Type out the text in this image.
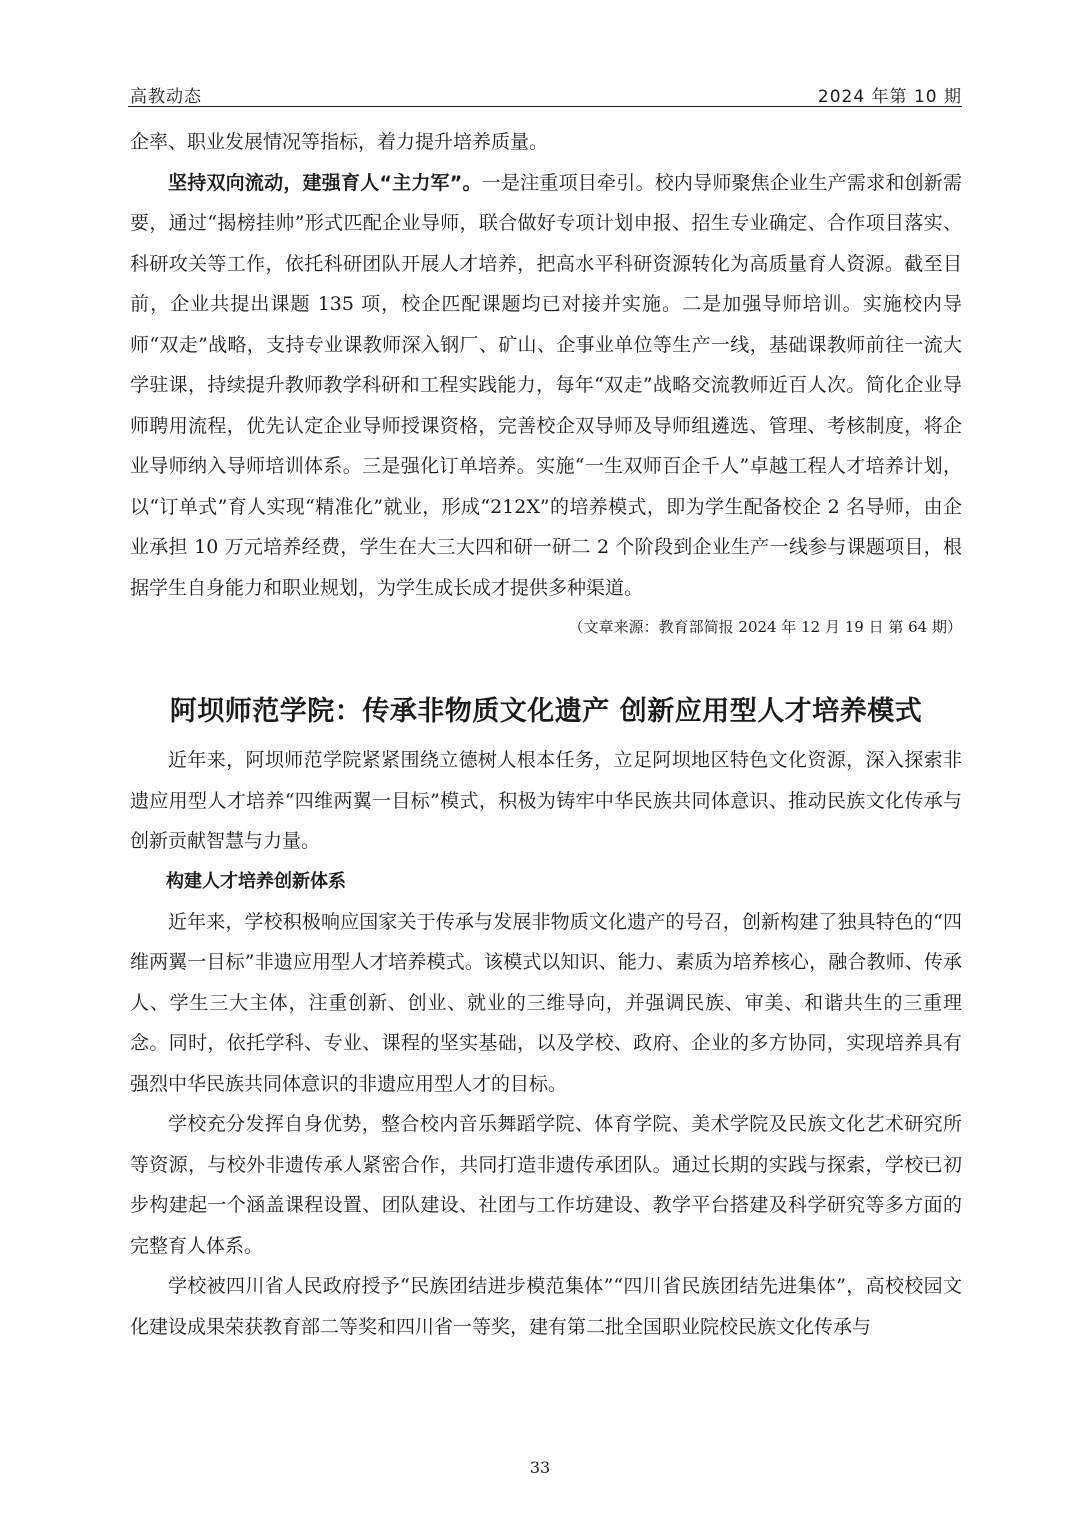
高教动态	2024 年第 10 期

企率、职业发展情况等指标，着力提升培养质量。

坚持双向流动，建强育人“主力军”。一是注重项目牵引。校内导师聚焦企业生产需求和创新需要，通过“揭榜挂帅”形式匹配企业导师，联合做好专项计划申报、招生专业确定、合作项目落实、科研攻关等工作，依托科研团队开展人才培养，把高水平科研资源转化为高质量育人资源。截至目前，企业共提出课题 135 项，校企匹配课题均已对接并实施。二是加强导师培训。实施校内导师“双走”战略，支持专业课教师深入钢厂、矿山、企事业单位等生产一线，基础课教师前往一流大学驻课，持续提升教师教学科研和工程实践能力，每年“双走”战略交流教师近百人次。简化企业导师聘用流程，优先认定企业导师授课资格，完善校企双导师及导师组遴选、管理、考核制度，将企业导师纳入导师培训体系。三是强化订单培养。实施“一生双师百企千人”卓越工程人才培养计划，以“订单式”育人实现“精准化”就业，形成“212X”的培养模式，即为学生配备校企 2 名导师，由企业承担 10 万元培养经费，学生在大三大四和研一研二 2 个阶段到企业生产一线参与课题项目，根据学生自身能力和职业规划，为学生成长成才提供多种渠道。

（文章来源：教育部简报 2024 年 12 月 19 日 第 64 期）

阿坝师范学院：传承非物质文化遗产 创新应用型人才培养模式

近年来，阿坝师范学院紧紧围绕立德树人根本任务，立足阿坝地区特色文化资源，深入探索非遗应用型人才培养“四维两翼一目标”模式，积极为铸牢中华民族共同体意识、推动民族文化传承与创新贡献智慧与力量。

构建人才培养创新体系

近年来，学校积极响应国家关于传承与发展非物质文化遗产的号召，创新构建了独具特色的“四维两翼一目标”非遗应用型人才培养模式。该模式以知识、能力、素质为培养核心，融合教师、传承人、学生三大主体，注重创新、创业、就业的三维导向，并强调民族、审美、和谐共生的三重理念。同时，依托学科、专业、课程的坚实基础，以及学校、政府、企业的多方协同，实现培养具有强烈中华民族共同体意识的非遗应用型人才的目标。

学校充分发挥自身优势，整合校内音乐舞蹈学院、体育学院、美术学院及民族文化艺术研究所等资源，与校外非遗传承人紧密合作，共同打造非遗传承团队。通过长期的实践与探索，学校已初步构建起一个涵盖课程设置、团队建设、社团与工作坊建设、教学平台搭建及科学研究等多方面的完整育人体系。

学校被四川省人民政府授予“民族团结进步模范集体”“四川省民族团结先进集体”，高校校园文化建设成果荣获教育部二等奖和四川省一等奖，建有第二批全国职业院校民族文化传承与

33
